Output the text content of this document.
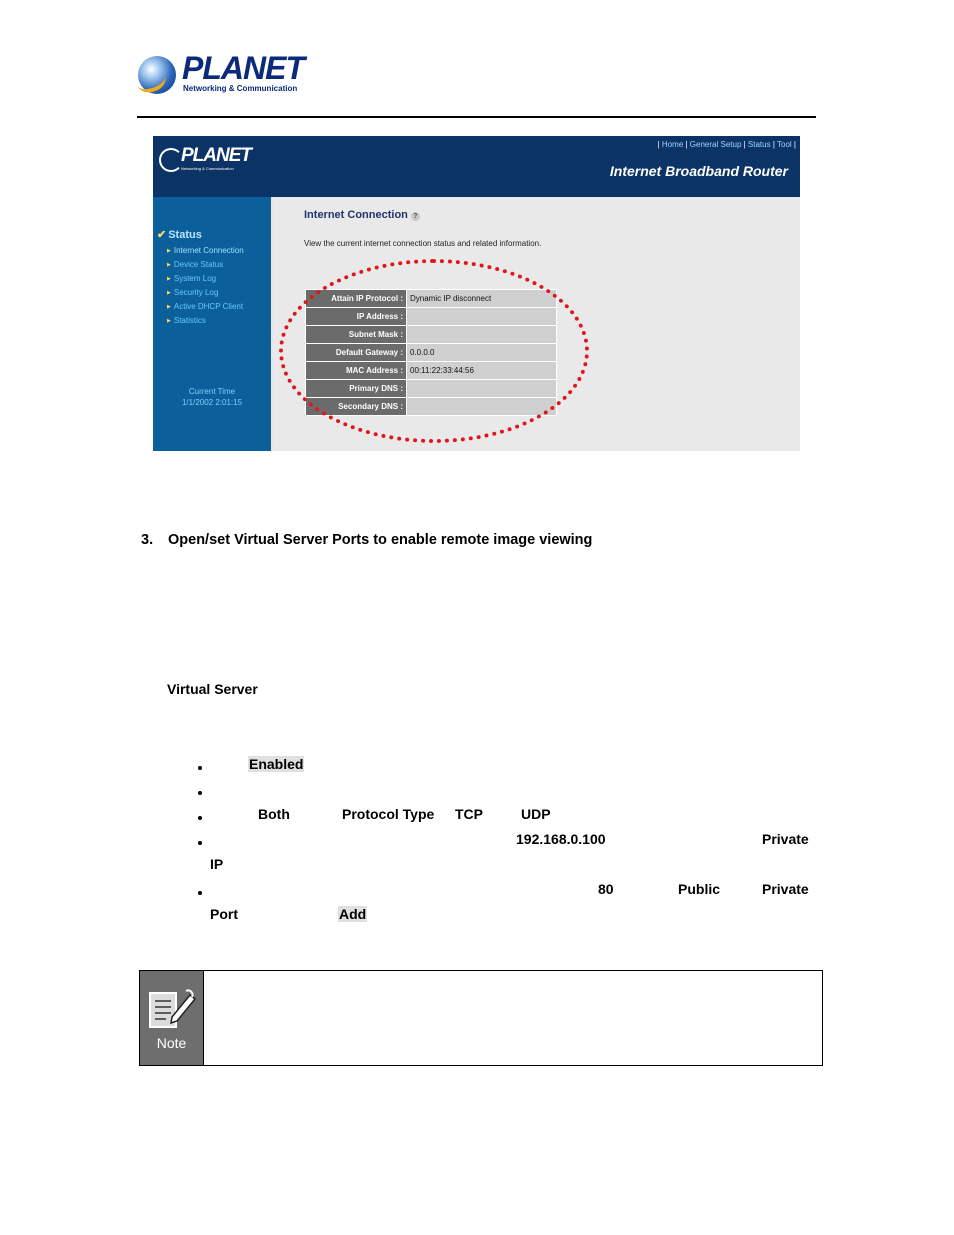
PLANET
Networking & Communication
PLANET
Networking & Communication
| Home | General Setup | Status | Tool |
Internet Broadband Router
✔ Status
▶ Internet Connection
▶ Device Status
▶ System Log
▶ Security Log
▶ Active DHCP Client
▶ Statistics
Current Time
1/1/2002 2:01:15
Internet Connection ?
View the current internet connection status and related information.
Attain IP Protocol :	Dynamic IP disconnect
IP Address :	
Subnet Mask :	
Default Gateway :	0.0.0.0
MAC Address :	00:11:22:33:44:56
Primary DNS :	
Secondary DNS :	
3. Open/set Virtual Server Ports to enable remote image viewing
Virtual Server
Enabled
Both	Protocol Type TCP	UDP
192.168.0.100	Private
IP
80	Public	Private
Port	Add
Note
